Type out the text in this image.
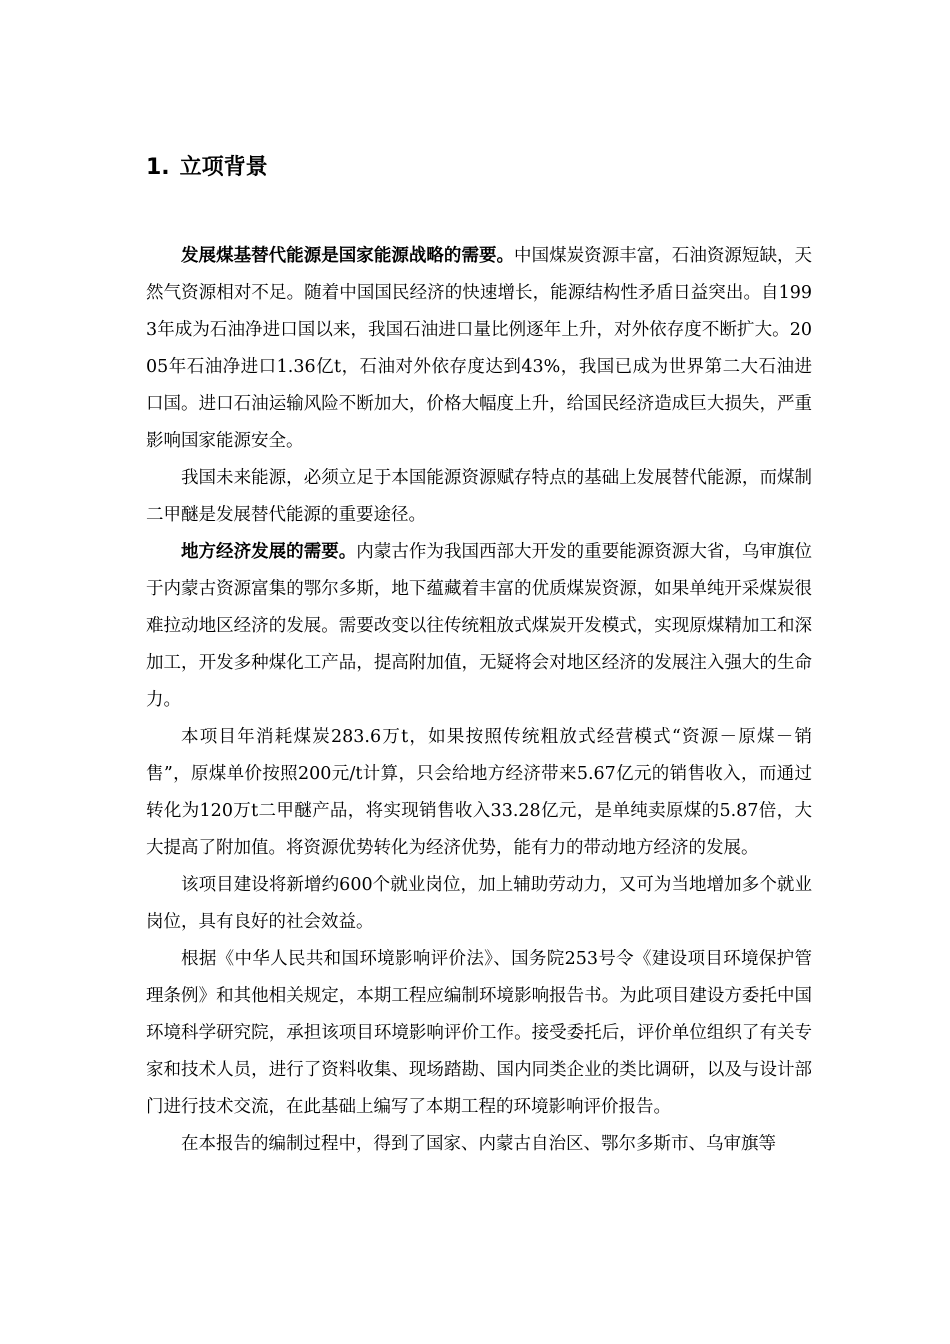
1. 立项背景

发展煤基替代能源是国家能源战略的需要。中国煤炭资源丰富，石油资源短缺，天然气资源相对不足。随着中国国民经济的快速增长，能源结构性矛盾日益突出。自1993年成为石油净进口国以来，我国石油进口量比例逐年上升，对外依存度不断扩大。2005年石油净进口1.36亿t，石油对外依存度达到43%，我国已成为世界第二大石油进口国。进口石油运输风险不断加大，价格大幅度上升，给国民经济造成巨大损失，严重影响国家能源安全。

我国未来能源，必须立足于本国能源资源赋存特点的基础上发展替代能源，而煤制二甲醚是发展替代能源的重要途径。

地方经济发展的需要。内蒙古作为我国西部大开发的重要能源资源大省，乌审旗位于内蒙古资源富集的鄂尔多斯，地下蕴藏着丰富的优质煤炭资源，如果单纯开采煤炭很难拉动地区经济的发展。需要改变以往传统粗放式煤炭开发模式，实现原煤精加工和深加工，开发多种煤化工产品，提高附加值，无疑将会对地区经济的发展注入强大的生命力。

本项目年消耗煤炭283.6万t，如果按照传统粗放式经营模式“资源－原煤－销售”，原煤单价按照200元/t计算，只会给地方经济带来5.67亿元的销售收入，而通过转化为120万t二甲醚产品，将实现销售收入33.28亿元，是单纯卖原煤的5.87倍，大大提高了附加值。将资源优势转化为经济优势，能有力的带动地方经济的发展。

该项目建设将新增约600个就业岗位，加上辅助劳动力，又可为当地增加多个就业岗位，具有良好的社会效益。

根据《中华人民共和国环境影响评价法》、国务院253号令《建设项目环境保护管理条例》和其他相关规定，本期工程应编制环境影响报告书。为此项目建设方委托中国环境科学研究院，承担该项目环境影响评价工作。接受委托后，评价单位组织了有关专家和技术人员，进行了资料收集、现场踏勘、国内同类企业的类比调研，以及与设计部门进行技术交流，在此基础上编写了本期工程的环境影响评价报告。

在本报告的编制过程中，得到了国家、内蒙古自治区、鄂尔多斯市、乌审旗等
